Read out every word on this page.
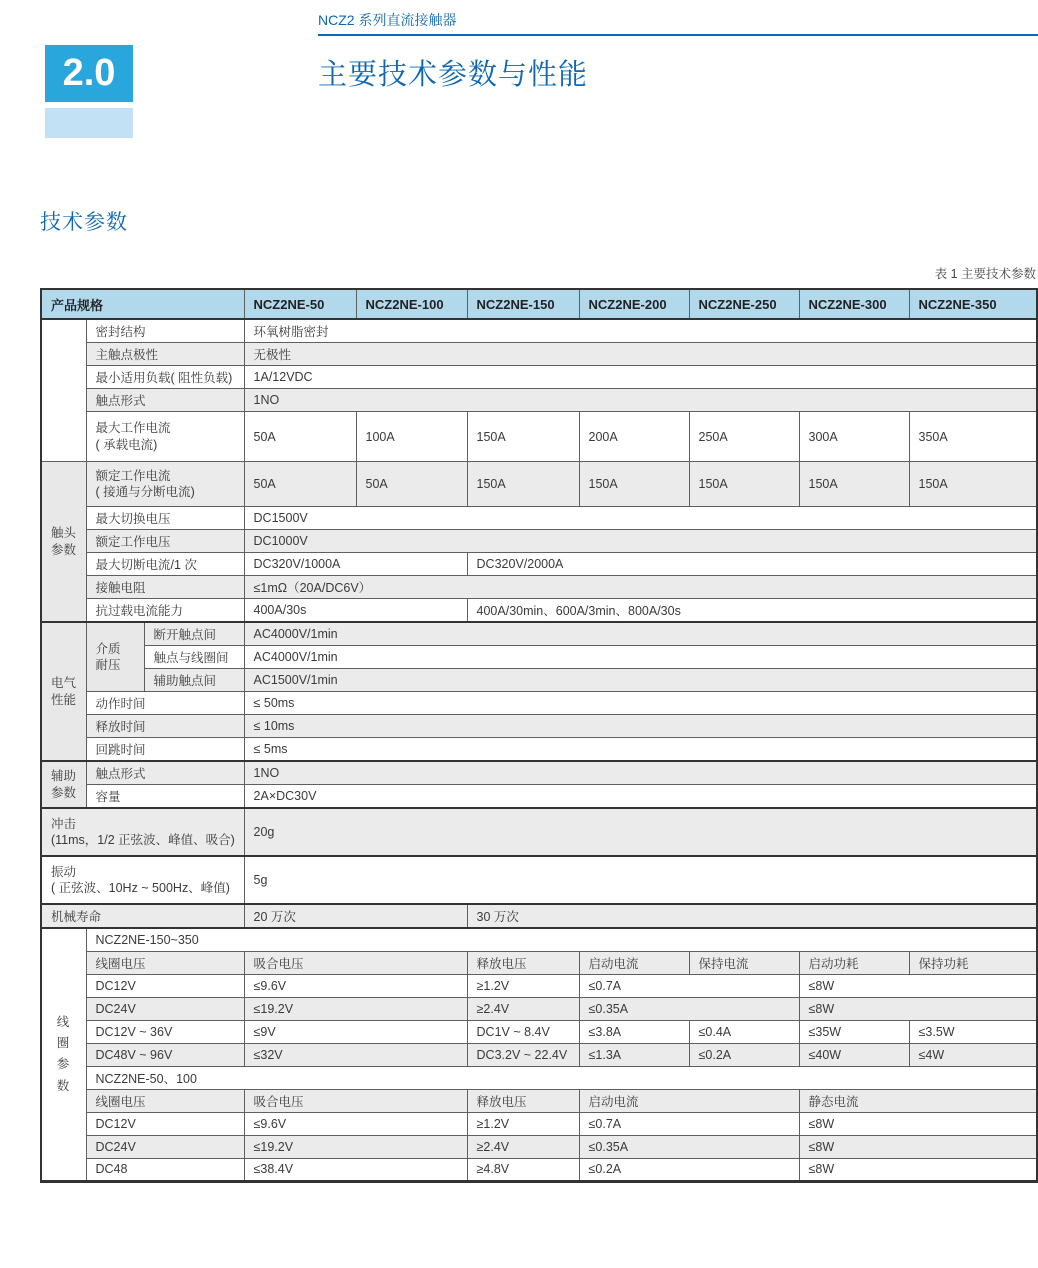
NCZ2 系列直流接触器
2.0	主要技术参数与性能
技术参数
表 1 主要技术参数
产品规格			NCZ2NE-50	NCZ2NE-100	NCZ2NE-150	NCZ2NE-200	NCZ2NE-250	NCZ2NE-300	NCZ2NE-350
	密封结构		环氧树脂密封						
	主触点极性		无极性						
	最小适用负载( 阻性负载)		1A/12VDC						
	触点形式		1NO						

	最大工作电流
( 承载电流)		50A	100A	150A	200A	250A	300A	350A

触头
参数	额定工作电流
( 接通与分断电流)		50A	50A	150A	150A	150A	150A	150A
	最大切换电压		DC1500V						
	额定工作电压		DC1000V						
	最大切断电流/1 次		DC320V/1000A		DC320V/2000A				
	接触电阻		≤1mΩ（20A/DC6V）						
	抗过载电流能力		400A/30s		400A/30min、600A/3min、800A/30s				

电气
性能	介质
耐压	断开触点间	AC4000V/1min						
		触点与线圈间	AC4000V/1min						
		辅助触点间	AC1500V/1min						
	动作时间		≤ 50ms						
	释放时间		≤ 10ms						
	回跳时间		≤ 5ms						

辅助
参数	触点形式		1NO						
	容量		2A×DC30V						

冲击
(11ms，1/2 正弦波、峰值、吸合)			20g						

振动
( 正弦波、10Hz ~ 500Hz、峰值)			5g						
机械寿命			20 万次		30 万次				

线圈参数	NCZ2NE-150~350								
	线圈电压		吸合电压		释放电压	启动电流	保持电流	启动功耗	保持功耗
	DC12V		≤9.6V		≥1.2V	≤0.7A		≤8W	
	DC24V		≤19.2V		≥2.4V	≤0.35A		≤8W	
	DC12V ~ 36V		≤9V		DC1V ~ 8.4V	≤3.8A	≤0.4A	≤35W	≤3.5W
	DC48V ~ 96V		≤32V		DC3.2V ~ 22.4V	≤1.3A	≤0.2A	≤40W	≤4W
	NCZ2NE-50、100								
	线圈电压		吸合电压		释放电压	启动电流		静态电流	
	DC12V		≤9.6V		≥1.2V	≤0.7A		≤8W	
	DC24V		≤19.2V		≥2.4V	≤0.35A		≤8W	
	DC48		≤38.4V		≥4.8V	≤0.2A		≤8W	
